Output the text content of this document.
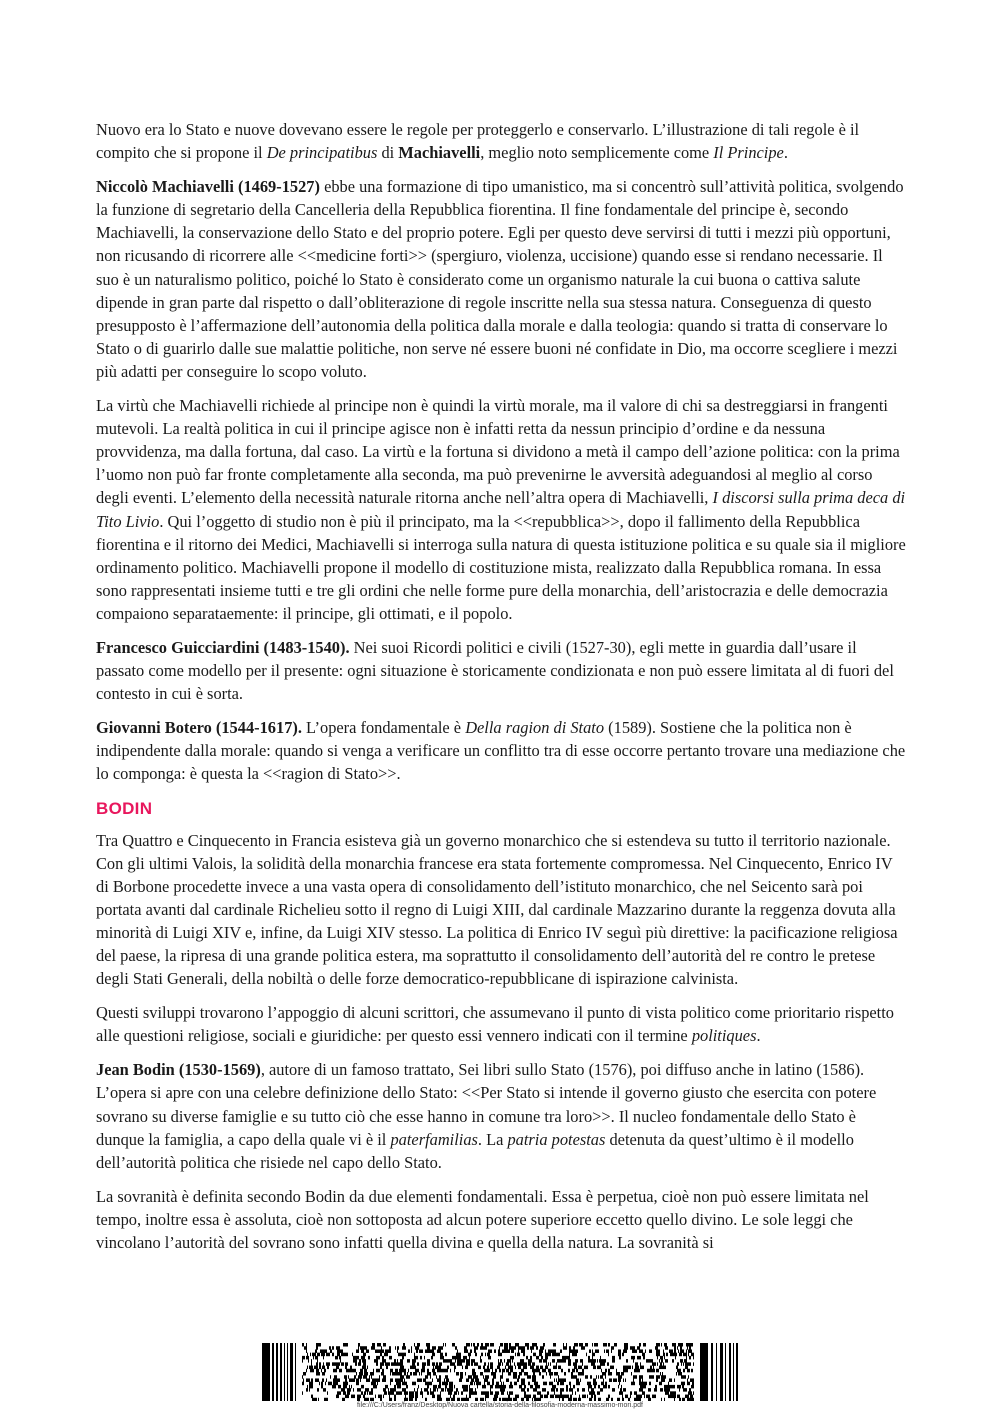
Nuovo era lo Stato e nuove dovevano essere le regole per proteggerlo e conservarlo. L’illustrazione di tali regole è il compito che si propone il De principatibus di Machiavelli, meglio noto semplicemente come Il Principe.

Niccolò Machiavelli (1469-1527) ebbe una formazione di tipo umanistico, ma si concentrò sull’attività politica, svolgendo la funzione di segretario della Cancelleria della Repubblica fiorentina. Il fine fondamentale del principe è, secondo Machiavelli, la conservazione dello Stato e del proprio potere. Egli per questo deve servirsi di tutti i mezzi più opportuni, non ricusando di ricorrere alle <<medicine forti>> (spergiuro, violenza, uccisione) quando esse si rendano necessarie. Il suo è un naturalismo politico, poiché lo Stato è considerato come un organismo naturale la cui buona o cattiva salute dipende in gran parte dal rispetto o dall’obliterazione di regole inscritte nella sua stessa natura. Conseguenza di questo presupposto è l’affermazione dell’autonomia della politica dalla morale e dalla teologia: quando si tratta di conservare lo Stato o di guarirlo dalle sue malattie politiche, non serve né essere buoni né confidate in Dio, ma occorre scegliere i mezzi più adatti per conseguire lo scopo voluto.

La virtù che Machiavelli richiede al principe non è quindi la virtù morale, ma il valore di chi sa destreggiarsi in frangenti mutevoli. La realtà politica in cui il principe agisce non è infatti retta da nessun principio d’ordine e da nessuna provvidenza, ma dalla fortuna, dal caso. La virtù e la fortuna si dividono a metà il campo dell’azione politica: con la prima l’uomo non può far fronte completamente alla seconda, ma può prevenirne le avversità adeguandosi al meglio al corso degli eventi. L’elemento della necessità naturale ritorna anche nell’altra opera di Machiavelli, I discorsi sulla prima deca di Tito Livio. Qui l’oggetto di studio non è più il principato, ma la <<repubblica>>, dopo il fallimento della Repubblica fiorentina e il ritorno dei Medici, Machiavelli si interroga sulla natura di questa istituzione politica e su quale sia il migliore ordinamento politico. Machiavelli propone il modello di costituzione mista, realizzato dalla Repubblica romana. In essa sono rappresentati insieme tutti e tre gli ordini che nelle forme pure della monarchia, dell’aristocrazia e delle democrazia compaiono separataemente: il principe, gli ottimati, e il popolo.

Francesco Guicciardini (1483-1540). Nei suoi Ricordi politici e civili (1527-30), egli mette in guardia dall’usare il passato come modello per il presente: ogni situazione è storicamente condizionata e non può essere limitata al di fuori del contesto in cui è sorta.

Giovanni Botero (1544-1617). L’opera fondamentale è Della ragion di Stato (1589). Sostiene che la politica non è indipendente dalla morale: quando si venga a verificare un conflitto tra di esse occorre pertanto trovare una mediazione che lo componga: è questa la <<ragion di Stato>>.

BODIN

Tra Quattro e Cinquecento in Francia esisteva già un governo monarchico che si estendeva su tutto il territorio nazionale. Con gli ultimi Valois, la solidità della monarchia francese era stata fortemente compromessa. Nel Cinquecento, Enrico IV di Borbone procedette invece a una vasta opera di consolidamento dell’istituto monarchico, che nel Seicento sarà poi portata avanti dal cardinale Richelieu sotto il regno di Luigi XIII, dal cardinale Mazzarino durante la reggenza dovuta alla minorità di Luigi XIV e, infine, da Luigi XIV stesso. La politica di Enrico IV seguì più direttive: la pacificazione religiosa del paese, la ripresa di una grande politica estera, ma soprattutto il consolidamento dell’autorità del re contro le pretese degli Stati Generali, della nobiltà o delle forze democratico-repubblicane di ispirazione calvinista.

Questi sviluppi trovarono l’appoggio di alcuni scrittori, che assumevano il punto di vista politico come prioritario rispetto alle questioni religiose, sociali e giuridiche: per questo essi vennero indicati con il termine politiques.

Jean Bodin (1530-1569), autore di un famoso trattato, Sei libri sullo Stato (1576), poi diffuso anche in latino (1586). L’opera si apre con una celebre definizione dello Stato: <<Per Stato si intende il governo giusto che esercita con potere sovrano su diverse famiglie e su tutto ciò che esse hanno in comune tra loro>>. Il nucleo fondamentale dello Stato è dunque la famiglia, a capo della quale vi è il paterfamilias. La patria potestas detenuta da quest’ultimo è il modello dell’autorità politica che risiede nel capo dello Stato.

La sovranità è definita secondo Bodin da due elementi fondamentali. Essa è perpetua, cioè non può essere limitata nel tempo, inoltre essa è assoluta, cioè non sottoposta ad alcun potere superiore eccetto quello divino. Le sole leggi che vincolano l’autorità del sovrano sono infatti quella divina e quella della natura. La sovranità si

file:///C:/Users/franz/Desktop/Nuova cartella/storia-della-filosofia-moderna-massimo-mori.pdf
